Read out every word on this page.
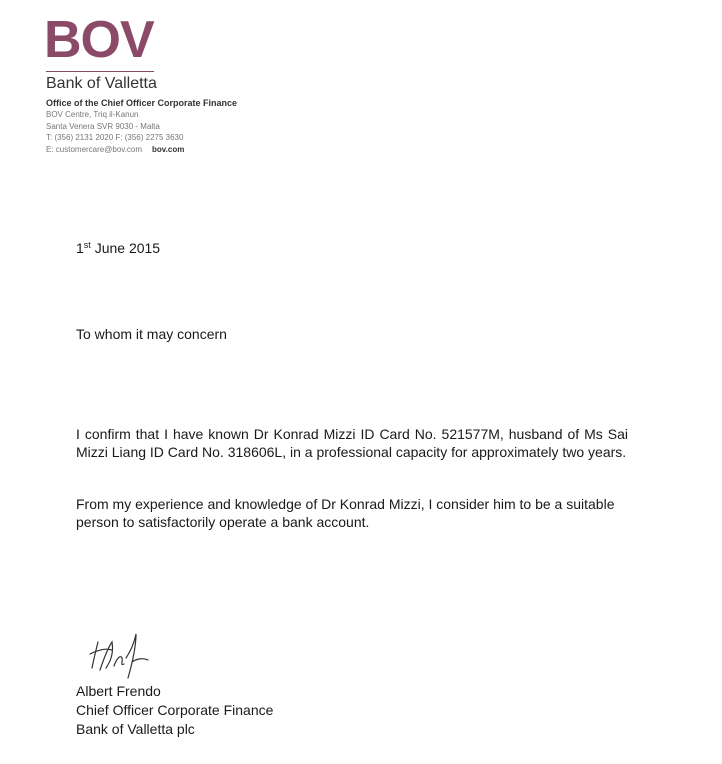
BOV
Bank of Valletta
Office of the Chief Officer Corporate Finance
BOV Centre, Triq il-Kanun
Santa Venera SVR 9030 - Malta
T: (356) 2131 2020 F: (356) 2275 3630
E: customercare@bov.com bov.com
1st June 2015
To whom it may concern
I confirm that I have known Dr Konrad Mizzi ID Card No. 521577M, husband of Ms Sai Mizzi Liang ID Card No. 318606L, in a professional capacity for approximately two years.
From my experience and knowledge of Dr Konrad Mizzi, I consider him to be a suitable person to satisfactorily operate a bank account.
Albert Frendo
Chief Officer Corporate Finance
Bank of Valletta plc
